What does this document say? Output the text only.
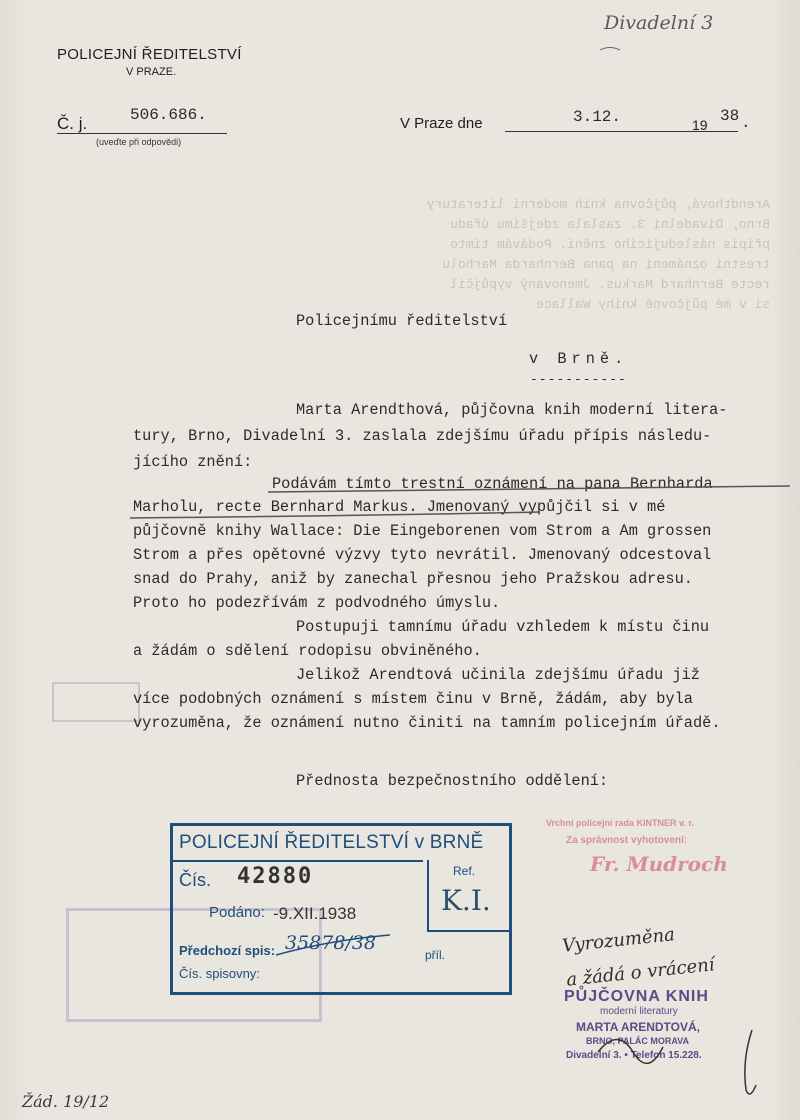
Arendthová, půjčovna knih moderní literatury
Brno, Divadelní 3. zaslala zdejšímu úřadu
přípis následujícího znění. Podávám tímto
trestní oznámení na pana Bernharda Marholu
recte Bernhard Markus. Jmenovaný vypůjčil
si v mé půjčovně knihy Wallace
POLICEJNÍ ŘEDITELSTVÍ
V PRAZE.
Divadelní 3
Č. j.	506.686.
(uveďte při odpovědi)
V Praze dne	3.12.	19 38 .
Policejnímu ředitelství
v Brně.
-----------
Marta Arendthová, půjčovna knih moderní litera-
tury, Brno, Divadelní 3. zaslala zdejšímu úřadu přípis následu-
jícího znění:
Podávám tímto trestní oznámení na pana Bernharda
Marholu, recte Bernhard Markus. Jmenovaný vypůjčil si v mé
půjčovně knihy Wallace: Die Eingeborenen vom Strom a Am grossen
Strom a přes opětovné výzvy tyto nevrátil. Jmenovaný odcestoval
snad do Prahy, aniž by zanechal přesnou jeho Pražskou adresu.
Proto ho podezřívám z podvodného úmyslu.
Postupuji tamnímu úřadu vzhledem k místu činu
a žádám o sdělení rodopisu obviněného.
Jelikož Arendtová učinila zdejšímu úřadu již
více podobných oznámení s místem činu v Brně, žádám, aby byla
vyrozuměna, že oznámení nutno činiti na tamním policejním úřadě.
Přednosta bezpečnostního oddělení:
POLICEJNÍ ŘEDITELSTVÍ v BRNĚ
Čís. 42880	Ref.
K.I.
Podáno: -9.XII.1938
Předchozí spis: 35878/38
příl.
Čís. spisovny:
Vrchní policejní rada KINTNER v. r.
Za správnost vyhotovení:
Fr. Mudroch
PŮJČOVNA KNIH
moderní literatury
MARTA ARENDTOVÁ,
BRNO, PALÁC MORAVA
Divadelní 3. • Telefon 15.228.
Vyrozuměna
a žádá o vrácení
Žád. 19/12
